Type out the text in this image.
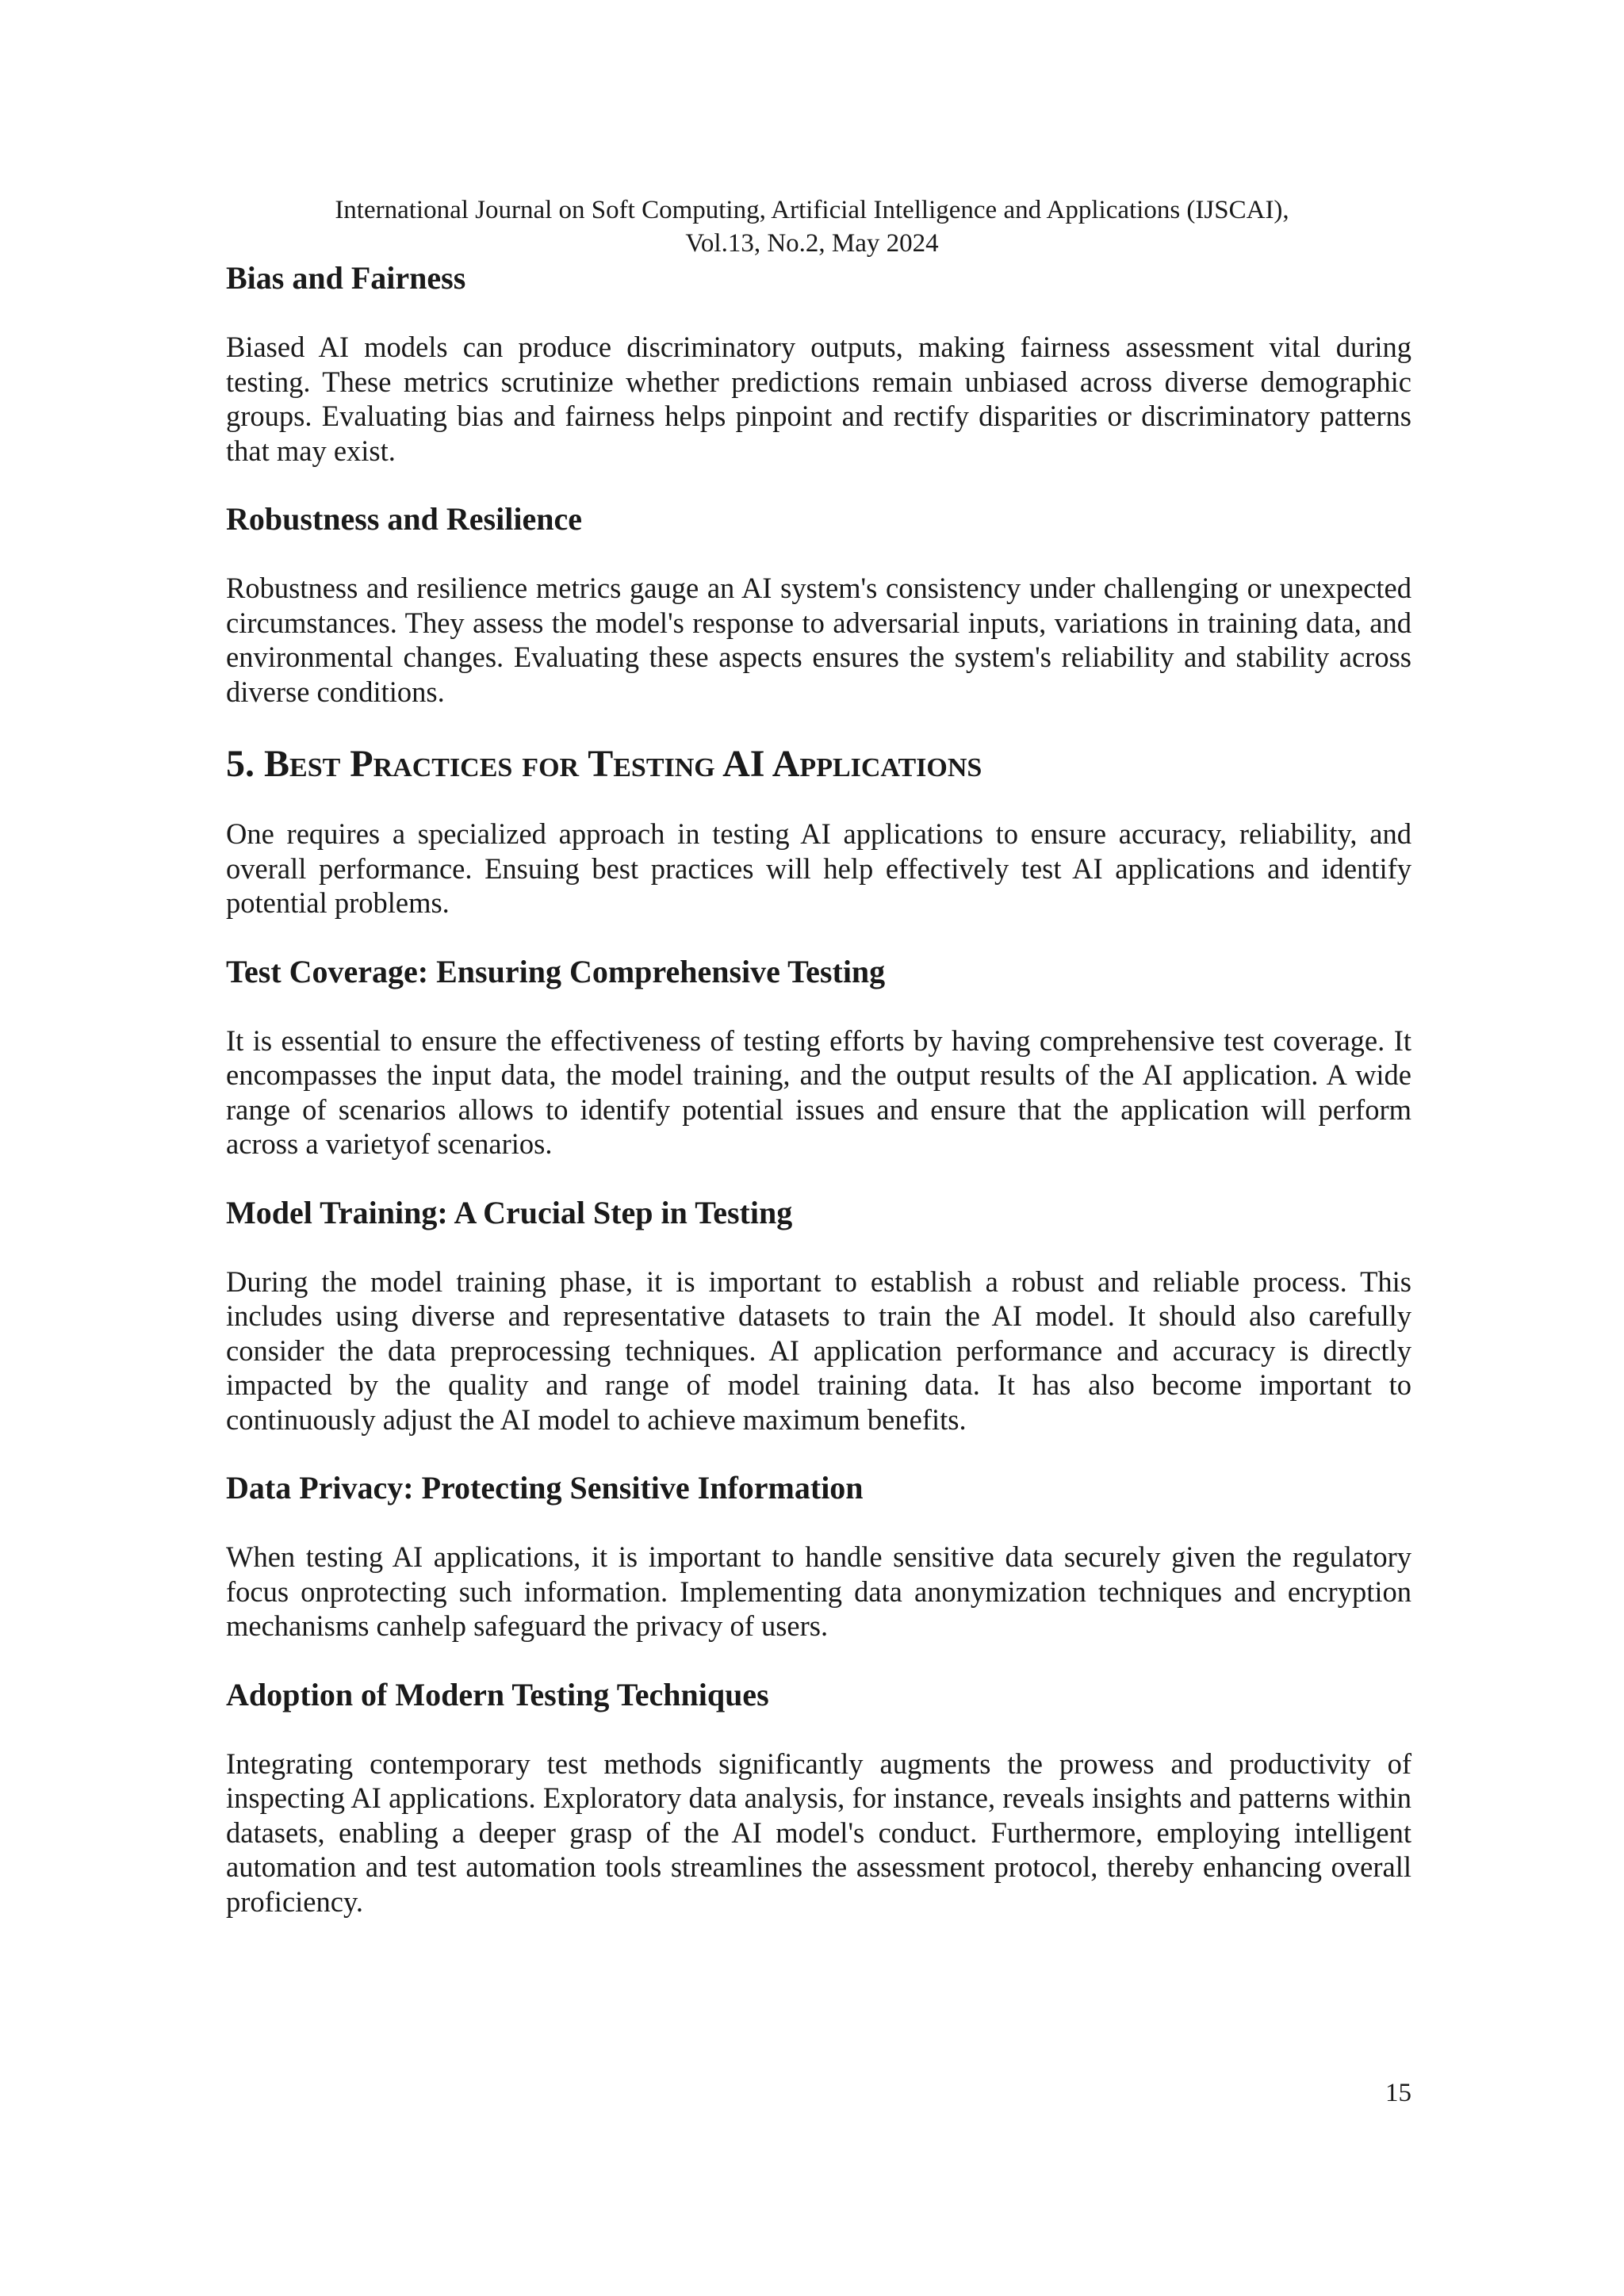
International Journal on Soft Computing, Artificial Intelligence and Applications (IJSCAI),
Vol.13, No.2, May 2024
Bias and Fairness

Biased AI models can produce discriminatory outputs, making fairness assessment vital during testing. These metrics scrutinize whether predictions remain unbiased across diverse demographic groups. Evaluating bias and fairness helps pinpoint and rectify disparities or discriminatory patterns that may exist.

Robustness and Resilience

Robustness and resilience metrics gauge an AI system's consistency under challenging or unexpected circumstances. They assess the model's response to adversarial inputs, variations in training data, and environmental changes. Evaluating these aspects ensures the system's reliability and stability across diverse conditions.

5. Best Practices for Testing AI Applications

One requires a specialized approach in testing AI applications to ensure accuracy, reliability, and overall performance. Ensuing best practices will help effectively test AI applications and identify potential problems.

Test Coverage: Ensuring Comprehensive Testing

It is essential to ensure the effectiveness of testing efforts by having comprehensive test coverage. It encompasses the input data, the model training, and the output results of the AI application. A wide range of scenarios allows to identify potential issues and ensure that the application will perform across a varietyof scenarios.

Model Training: A Crucial Step in Testing

During the model training phase, it is important to establish a robust and reliable process. This includes using diverse and representative datasets to train the AI model. It should also carefully consider the data preprocessing techniques. AI application performance and accuracy is directly impacted by the quality and range of model training data. It has also become important to continuously adjust the AI model to achieve maximum benefits.

Data Privacy: Protecting Sensitive Information

When testing AI applications, it is important to handle sensitive data securely given the regulatory focus onprotecting such information. Implementing data anonymization techniques and encryption mechanisms canhelp safeguard the privacy of users.

Adoption of Modern Testing Techniques

Integrating contemporary test methods significantly augments the prowess and productivity of inspecting AI applications. Exploratory data analysis, for instance, reveals insights and patterns within datasets, enabling a deeper grasp of the AI model's conduct. Furthermore, employing intelligent automation and test automation tools streamlines the assessment protocol, thereby enhancing overall proficiency.

15
